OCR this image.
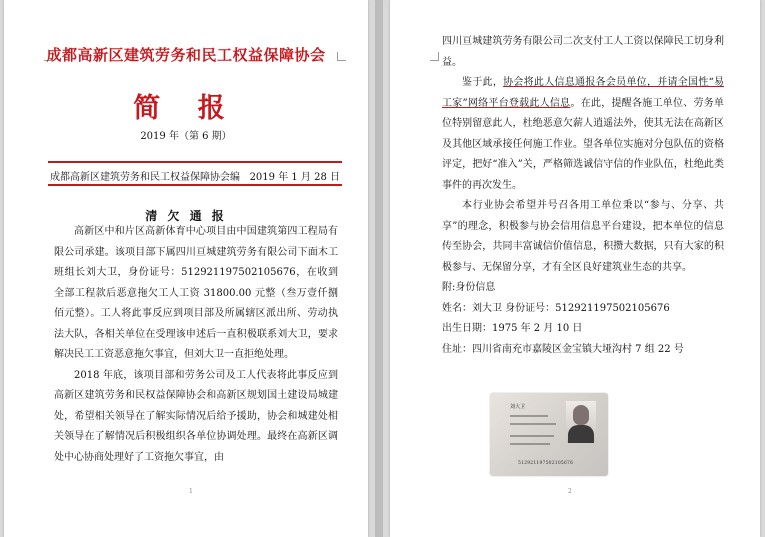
成都高新区建筑劳务和民工权益保障协会
简 报
2019 年（第 6 期）
成都高新区建筑劳务和民工权益保障协会编 2019 年 1 月 28 日
清 欠 通 报

高新区中和片区高新体育中心项目由中国建筑第四工程局有限公司承建。该项目部下属四川亘城建筑劳务有限公司下面木工班组长刘大卫，身份证号：512921197502105676，在收到全部工程款后恶意拖欠工人工资 31800.00 元整（叁万壹仟捌佰元整）。工人将此事反应到项目部及所属辖区派出所、劳动执法大队，各相关单位在受理该申述后一直积极联系刘大卫，要求解决民工工资恶意拖欠事宜，但刘大卫一直拒绝处理。

2018 年底，该项目部和劳务公司及工人代表将此事反应到高新区建筑劳务和民权益保障协会和高新区规划国土建设局城建处，希望相关领导在了解实际情况后给予援助，协会和城建处相关领导在了解情况后积极组织各单位协调处理。最终在高新区调处中心协商处理好了工资拖欠事宜，由

1

四川亘城建筑劳务有限公司二次支付工人工资以保障民工切身利益。

鉴于此，协会将此人信息通报各会员单位，并请全国性“易工家”网络平台登载此人信息。在此，提醒各施工单位、劳务单位特别留意此人，杜绝恶意欠薪人逍遥法外，使其无法在高新区及其他区域承接任何施工作业。望各单位实施对分包队伍的资格评定，把好“准入”关，严格筛选诚信守信的作业队伍，杜绝此类事件的再次发生。

本行业协会希望并号召各用工单位秉以“参与、分享、共享”的理念，积极参与协会信用信息平台建设，把本单位的信息传至协会，共同丰富诚信价值信息，积攒大数据，只有大家的积极参与、无保留分享，才有全区良好建筑业生态的共享。

附:身份信息

姓名：刘大卫 身份证号：512921197502105676

出生日期：1975 年 2 月 10 日

住址：四川省南充市嘉陵区金宝镇大垭沟村 7 组 22 号

2
刘大卫
512921197502105676
